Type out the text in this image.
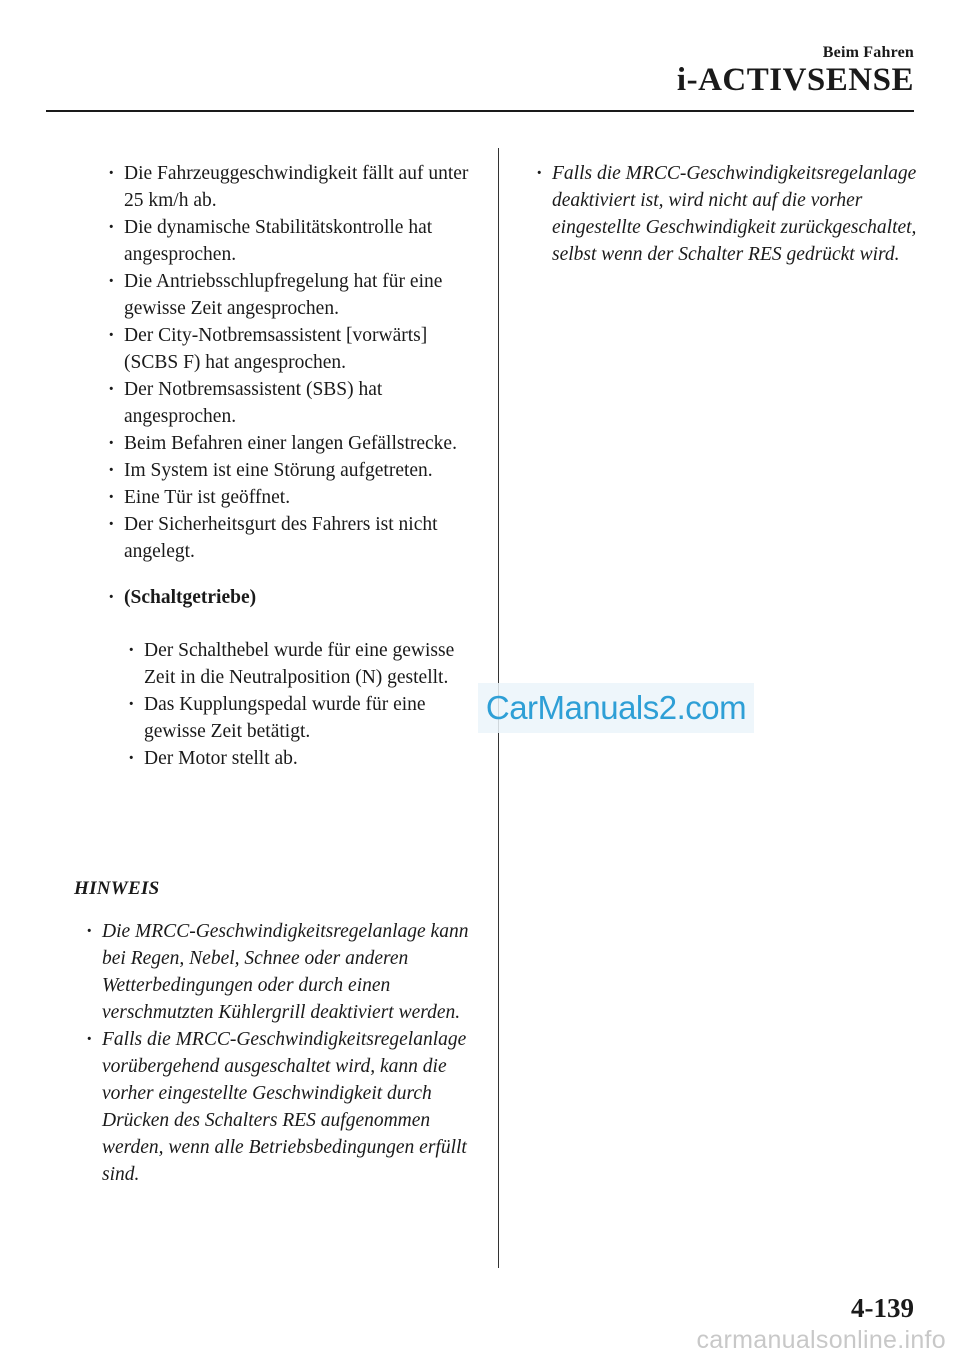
Beim Fahren
i-ACTIVSENSE
· Die Fahrzeuggeschwindigkeit fällt auf unter 25 km/h ab.
· Die dynamische Stabilitätskontrolle hat angesprochen.
· Die Antriebsschlupfregelung hat für eine gewisse Zeit angesprochen.
· Der City-Notbremsassistent [vorwärts] (SCBS F) hat angesprochen.
· Der Notbremsassistent (SBS) hat angesprochen.
· Beim Befahren einer langen Gefällstrecke.
· Im System ist eine Störung aufgetreten.
· Eine Tür ist geöffnet.
· Der Sicherheitsgurt des Fahrers ist nicht angelegt.
· (Schaltgetriebe)
· Der Schalthebel wurde für eine gewisse Zeit in die Neutralposition (N) gestellt.
· Das Kupplungspedal wurde für eine gewisse Zeit betätigt.
· Der Motor stellt ab.
HINWEIS
· Die MRCC-Geschwindigkeitsregelanlage kann bei Regen, Nebel, Schnee oder anderen Wetterbedingungen oder durch einen verschmutzten Kühlergrill deaktiviert werden.
· Falls die MRCC-Geschwindigkeitsregelanlage vorübergehend ausgeschaltet wird, kann die vorher eingestellte Geschwindigkeit durch Drücken des Schalters RES aufgenommen werden, wenn alle Betriebsbedingungen erfüllt sind.
· Falls die MRCC-Geschwindigkeitsregelanlage deaktiviert ist, wird nicht auf die vorher eingestellte Geschwindigkeit zurückgeschaltet, selbst wenn der Schalter RES gedrückt wird.
CarManuals2.com
4-139
carmanualsonline.info
